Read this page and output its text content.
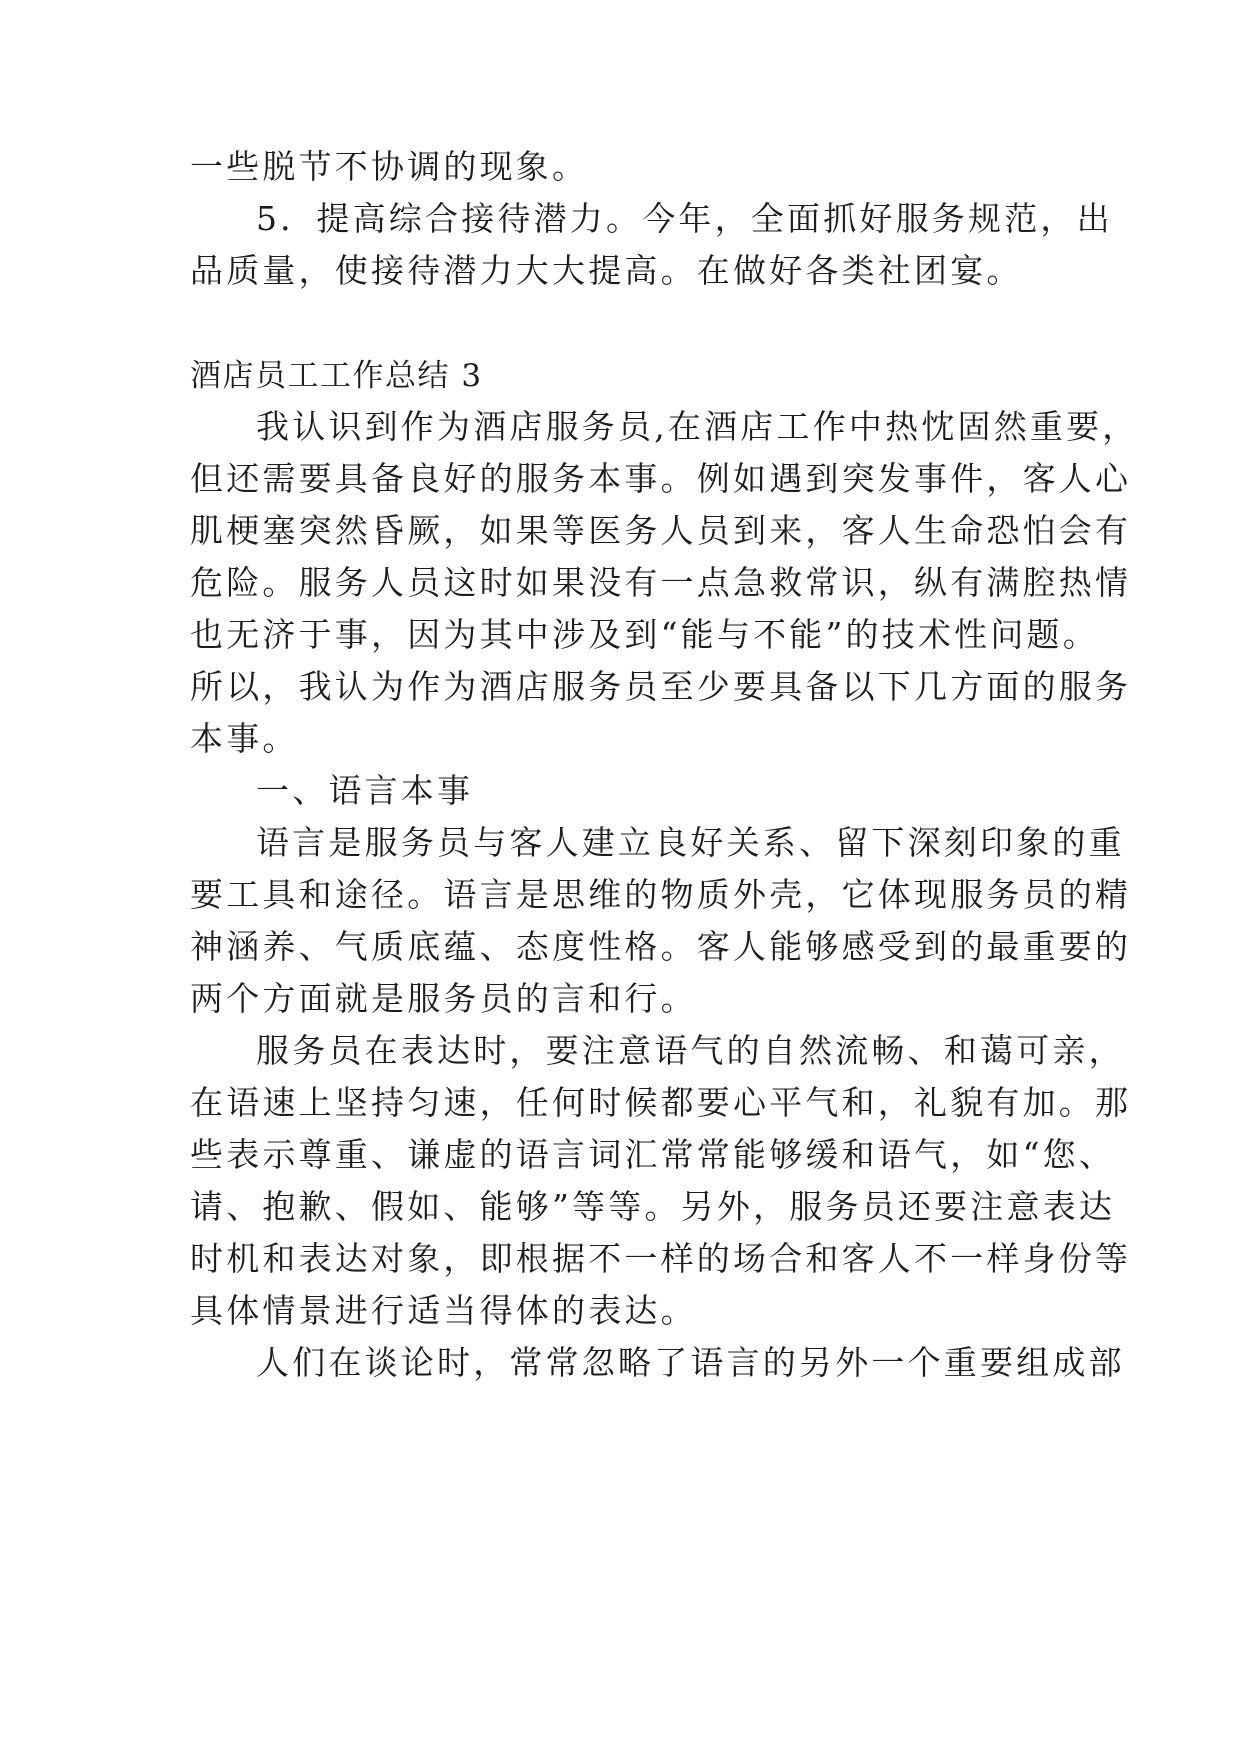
一些脱节不协调的现象。
5．提高综合接待潜力。今年，全面抓好服务规范，出
品质量，使接待潜力大大提高。在做好各类社团宴。
酒店员工工作总结 3
我认识到作为酒店服务员,在酒店工作中热忱固然重要，
但还需要具备良好的服务本事。例如遇到突发事件，客人心
肌梗塞突然昏厥，如果等医务人员到来，客人生命恐怕会有
危险。服务人员这时如果没有一点急救常识，纵有满腔热情
也无济于事，因为其中涉及到“能与不能”的技术性问题。
所以，我认为作为酒店服务员至少要具备以下几方面的服务
本事。
一、语言本事
语言是服务员与客人建立良好关系、留下深刻印象的重
要工具和途径。语言是思维的物质外壳，它体现服务员的精
神涵养、气质底蕴、态度性格。客人能够感受到的最重要的
两个方面就是服务员的言和行。
服务员在表达时，要注意语气的自然流畅、和蔼可亲，
在语速上坚持匀速，任何时候都要心平气和，礼貌有加。那
些表示尊重、谦虚的语言词汇常常能够缓和语气，如“您、
请、抱歉、假如、能够”等等。另外，服务员还要注意表达
时机和表达对象，即根据不一样的场合和客人不一样身份等
具体情景进行适当得体的表达。
人们在谈论时，常常忽略了语言的另外一个重要组成部
